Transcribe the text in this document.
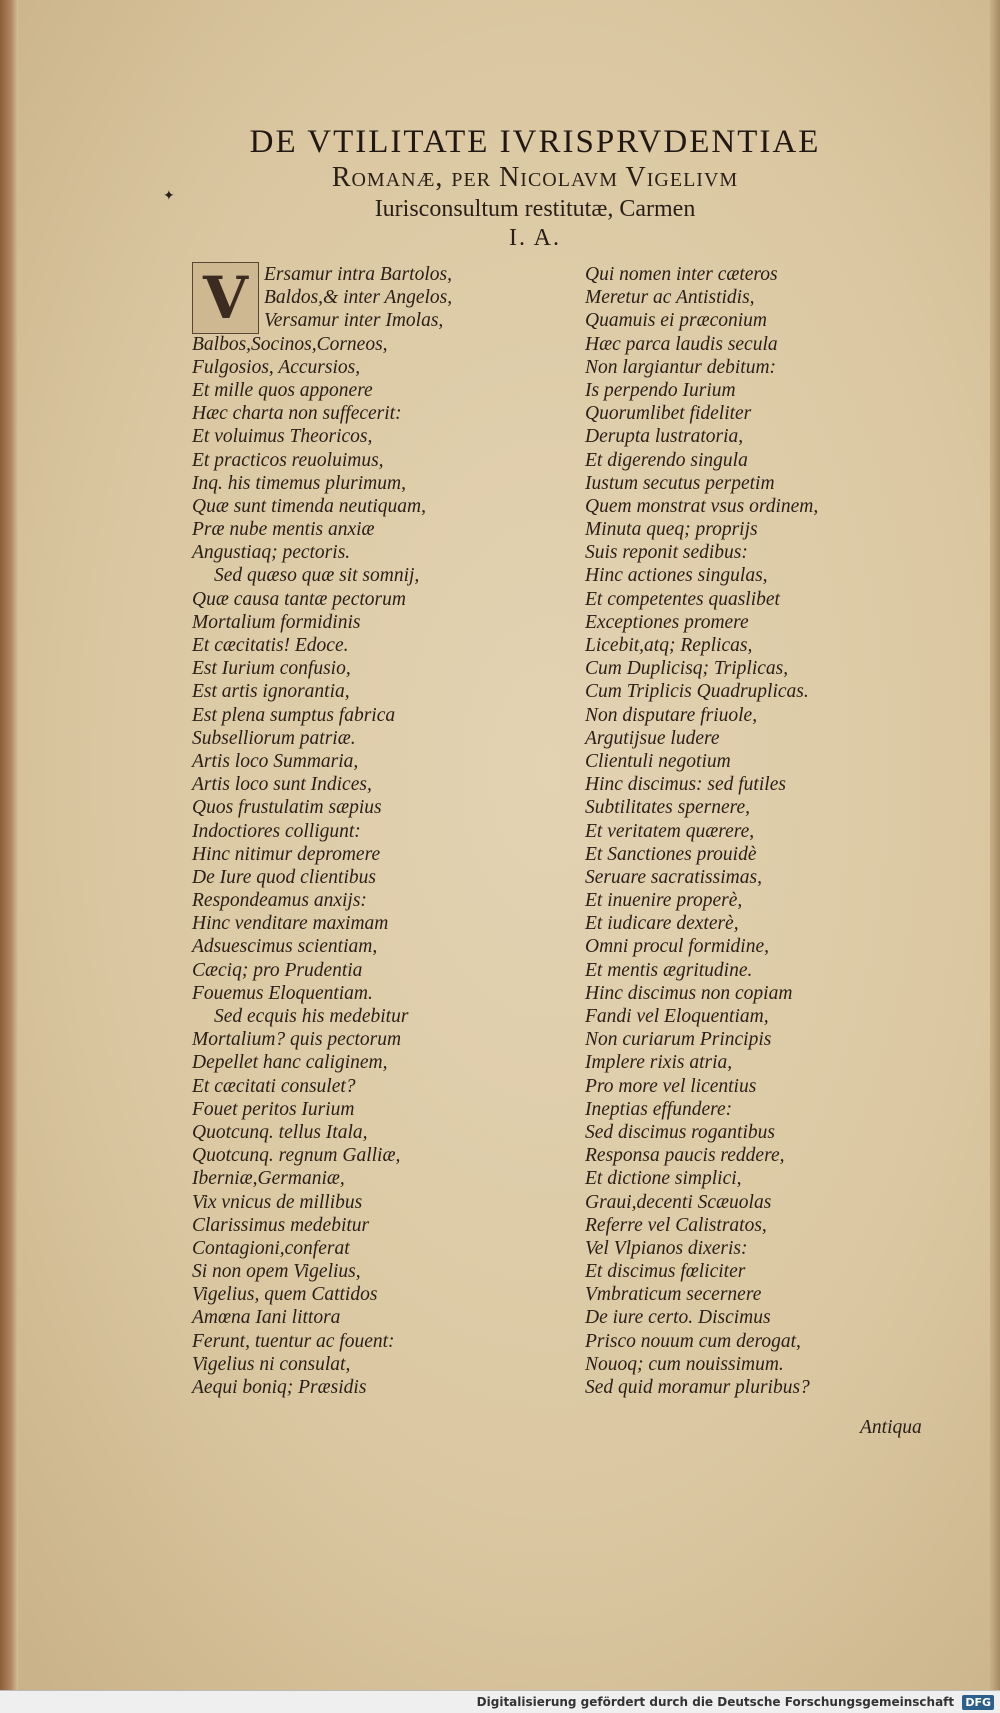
DE VTILITATE IVRISPRVDENTIAE
Romanæ, per Nicolavm Vigelivm
Iurisconsultum restitutæ, Carmen
I. A.
✦
V Ersamur intra Bartolos,
Baldos,& inter Angelos,
Versamur inter Imolas,
Balbos,Socinos,Corneos,
Fulgosios, Accursios,
Et mille quos apponere
Hæc charta non suffecerit:
Et voluimus Theoricos,
Et practicos reuoluimus,
Inq. his timemus plurimum,
Quæ sunt timenda neutiquam,
Præ nube mentis anxiæ
Angustiaq; pectoris.
Sed quæso quæ sit somnij,
Quæ causa tantæ pectorum
Mortalium formidinis
Et cæcitatis! Edoce.
Est Iurium confusio,
Est artis ignorantia,
Est plena sumptus fabrica
Subselliorum patriæ.
Artis loco Summaria,
Artis loco sunt Indices,
Quos frustulatim sæpius
Indoctiores colligunt:
Hinc nitimur depromere
De Iure quod clientibus
Respondeamus anxijs:
Hinc venditare maximam
Adsuescimus scientiam,
Cæciq; pro Prudentia
Fouemus Eloquentiam.
Sed ecquis his medebitur
Mortalium? quis pectorum
Depellet hanc caliginem,
Et cæcitati consulet?
Fouet peritos Iurium
Quotcunq. tellus Itala,
Quotcunq. regnum Galliæ,
Iberniæ,Germaniæ,
Vix vnicus de millibus
Clarissimus medebitur
Contagioni,conferat
Si non opem Vigelius,
Vigelius, quem Cattidos
Amœna Iani littora
Ferunt, tuentur ac fouent:
Vigelius ni consulat,
Aequi boniq; Præsidis
Qui nomen inter cæteros
Meretur ac Antistidis,
Quamuis ei præconium
Hæc parca laudis secula
Non largiantur debitum:
Is perpendo Iurium
Quorumlibet fideliter
Derupta lustratoria,
Et digerendo singula
Iustum secutus perpetim
Quem monstrat vsus ordinem,
Minuta queq; proprijs
Suis reponit sedibus:
Hinc actiones singulas,
Et competentes quaslibet
Exceptiones promere
Licebit,atq; Replicas,
Cum Duplicisq; Triplicas,
Cum Triplicis Quadruplicas.
Non disputare friuole,
Argutijsue ludere
Clientuli negotium
Hinc discimus: sed futiles
Subtilitates spernere,
Et veritatem quærere,
Et Sanctiones prouidè
Seruare sacratissimas,
Et inuenire properè,
Et iudicare dexterè,
Omni procul formidine,
Et mentis ægritudine.
Hinc discimus non copiam
Fandi vel Eloquentiam,
Non curiarum Principis
Implere rixis atria,
Pro more vel licentius
Ineptias effundere:
Sed discimus rogantibus
Responsa paucis reddere,
Et dictione simplici,
Graui,decenti Scæuolas
Referre vel Calistratos,
Vel Vlpianos dixeris:
Et discimus fœliciter
Vmbraticum secernere
De iure certo. Discimus
Prisco nouum cum derogat,
Nouoq; cum nouissimum.
Sed quid moramur pluribus?
Antiqua
Digitalisierung gefördert durch die Deutsche Forschungsgemeinschaft DFG
